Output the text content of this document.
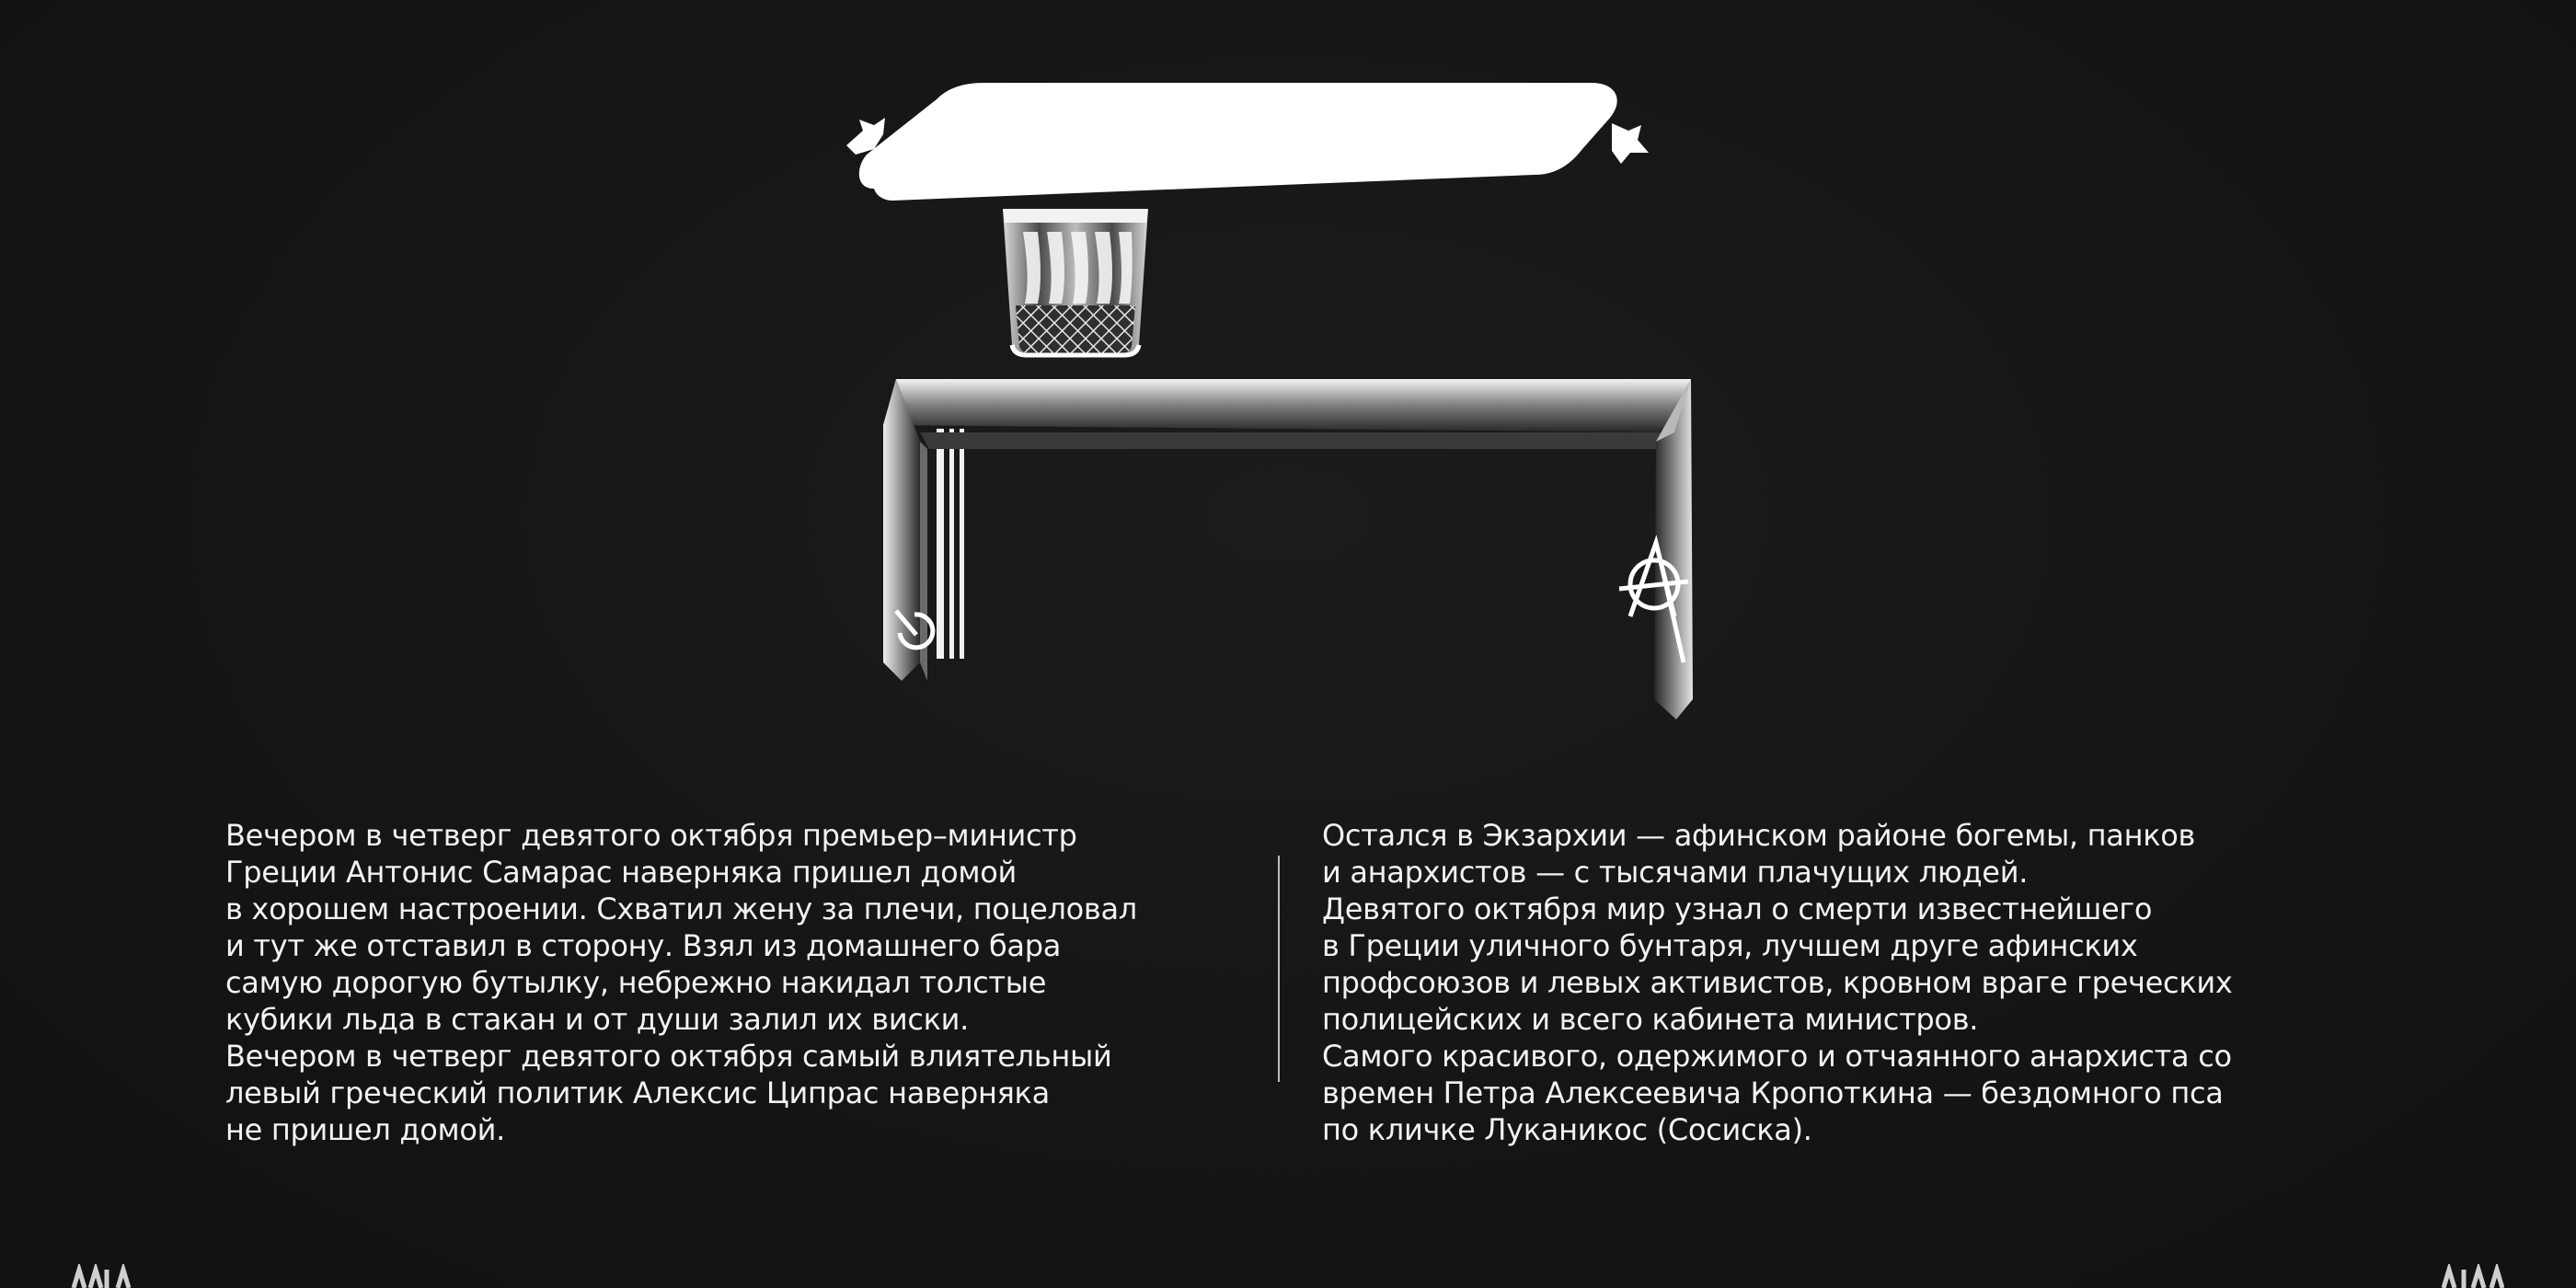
Вечером в четверг девятого октября премьер–министр
Греции Антонис Самарас наверняка пришел домой
в хорошем настроении. Схватил жену за плечи, поцеловал
и тут же отставил в сторону. Взял из домашнего бара
самую дорогую бутылку, небрежно накидал толстые
кубики льда в стакан и от души залил их виски.
Вечером в четверг девятого октября самый влиятельный
левый греческий политик Алексис Ципрас наверняка
не пришел домой.
Остался в Экзархии — афинском районе богемы, панков
и анархистов — с тысячами плачущих людей.
Девятого октября мир узнал о смерти известнейшего
в Греции уличного бунтаря, лучшем друге афинских
профсоюзов и левых активистов, кровном враге греческих
полицейских и всего кабинета министров.
Самого красивого, одержимого и отчаянного анархиста со
времен Петра Алексеевича Кропоткина — бездомного пса
по кличке Луканикос (Сосиска).
